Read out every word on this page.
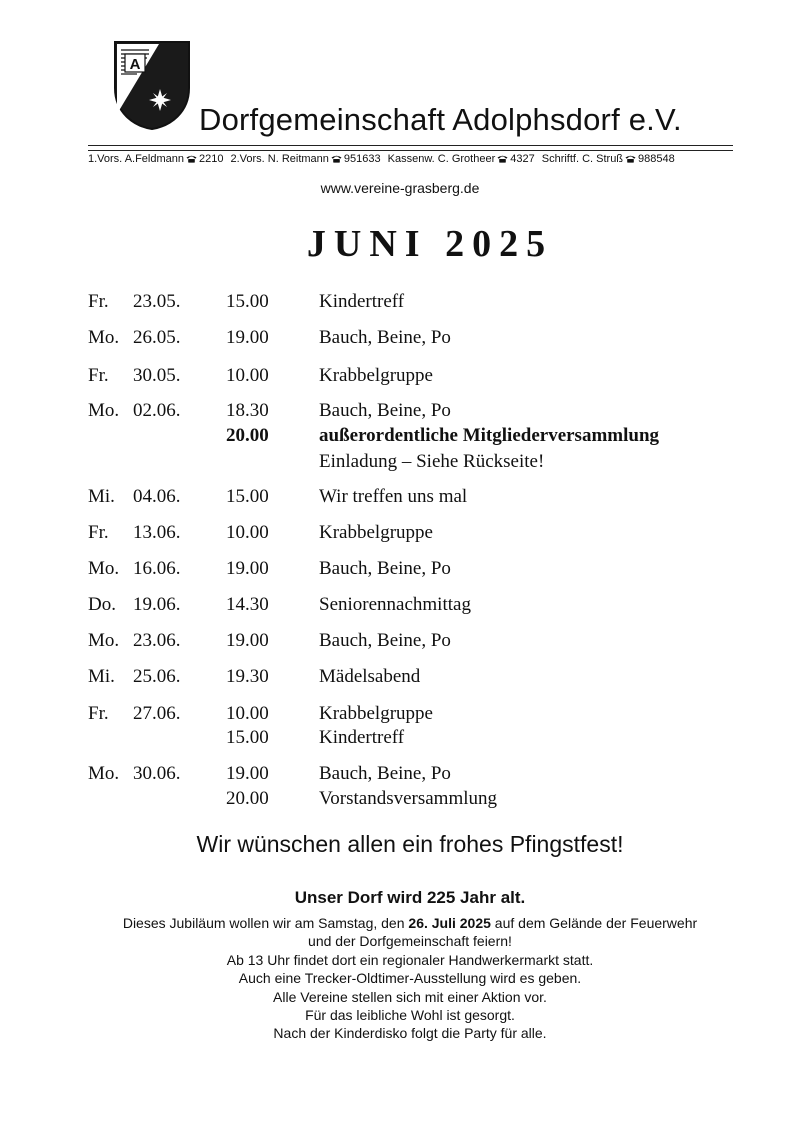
A
Dorfgemeinschaft Adolphsdorf e.V.
1.Vors. A.Feldmann 2210 2.Vors. N. Reitmann 951633 Kassenw. C. Grotheer 4327 Schriftf. C. Struß 988548
www.vereine-grasberg.de
JUNI 2025
Fr. 23.05. 15.00	Kindertreff
Mo. 26.05. 19.00	Bauch, Beine, Po
Fr. 30.05. 10.00	Krabbelgruppe
Mo. 02.06. 18.30	Bauch, Beine, Po
20.00	außerordentliche Mitgliederversammlung
Einladung – Siehe Rückseite!
Mi. 04.06. 15.00	Wir treffen uns mal
Fr. 13.06. 10.00	Krabbelgruppe
Mo. 16.06. 19.00	Bauch, Beine, Po
Do. 19.06. 14.30	Seniorennachmittag
Mo. 23.06. 19.00	Bauch, Beine, Po
Mi. 25.06. 19.30	Mädelsabend
Fr. 27.06. 10.00	Krabbelgruppe
15.00	Kindertreff
Mo. 30.06. 19.00	Bauch, Beine, Po
20.00	Vorstandsversammlung
Wir wünschen allen ein frohes Pfingstfest!
Unser Dorf wird 225 Jahr alt.
Dieses Jubiläum wollen wir am Samstag, den 26. Juli 2025 auf dem Gelände der Feuerwehr
und der Dorfgemeinschaft feiern!
Ab 13 Uhr findet dort ein regionaler Handwerkermarkt statt.
Auch eine Trecker-Oldtimer-Ausstellung wird es geben.
Alle Vereine stellen sich mit einer Aktion vor.
Für das leibliche Wohl ist gesorgt.
Nach der Kinderdisko folgt die Party für alle.
